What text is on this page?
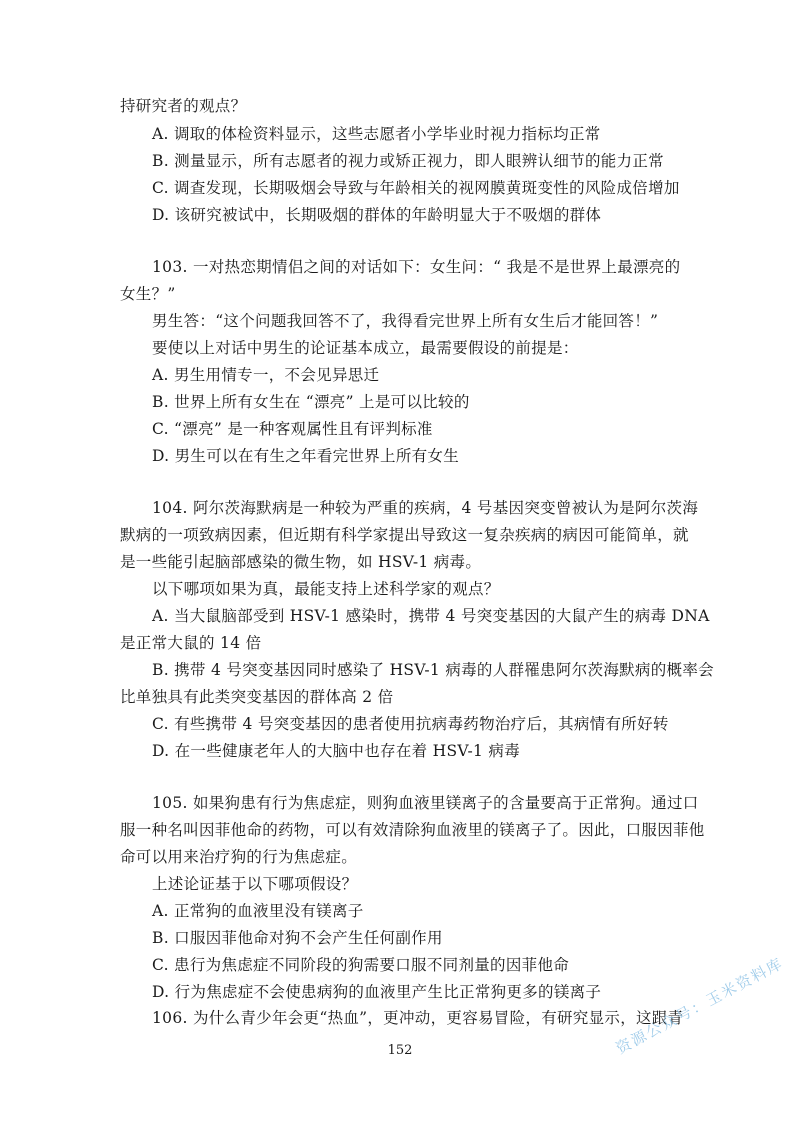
持研究者的观点？
A. 调取的体检资料显示，这些志愿者小学毕业时视力指标均正常
B. 测量显示，所有志愿者的视力或矫正视力，即人眼辨认细节的能力正常
C. 调查发现，长期吸烟会导致与年龄相关的视网膜黄斑变性的风险成倍增加
D. 该研究被试中，长期吸烟的群体的年龄明显大于不吸烟的群体
103. 一对热恋期情侣之间的对话如下：女生问：“ 我是不是世界上最漂亮的
女生？”
男生答：“这个问题我回答不了，我得看完世界上所有女生后才能回答！”
要使以上对话中男生的论证基本成立，最需要假设的前提是：
A. 男生用情专一，不会见异思迁
B. 世界上所有女生在 “漂亮” 上是可以比较的
C. “漂亮” 是一种客观属性且有评判标准
D. 男生可以在有生之年看完世界上所有女生
104. 阿尔茨海默病是一种较为严重的疾病，4 号基因突变曾被认为是阿尔茨海
默病的一项致病因素，但近期有科学家提出导致这一复杂疾病的病因可能简单，就
是一些能引起脑部感染的微生物，如 HSV-1 病毒。
以下哪项如果为真，最能支持上述科学家的观点？
A. 当大鼠脑部受到 HSV-1 感染时，携带 4 号突变基因的大鼠产生的病毒 DNA
是正常大鼠的 14 倍
B. 携带 4 号突变基因同时感染了 HSV-1 病毒的人群罹患阿尔茨海默病的概率会
比单独具有此类突变基因的群体高 2 倍
C. 有些携带 4 号突变基因的患者使用抗病毒药物治疗后，其病情有所好转
D. 在一些健康老年人的大脑中也存在着 HSV-1 病毒
105. 如果狗患有行为焦虑症，则狗血液里镁离子的含量要高于正常狗。通过口
服一种名叫因菲他命的药物，可以有效清除狗血液里的镁离子了。因此，口服因菲他
命可以用来治疗狗的行为焦虑症。
上述论证基于以下哪项假设？
A. 正常狗的血液里没有镁离子
B. 口服因菲他命对狗不会产生任何副作用
C. 患行为焦虑症不同阶段的狗需要口服不同剂量的因菲他命
D. 行为焦虑症不会使患病狗的血液里产生比正常狗更多的镁离子
106. 为什么青少年会更“热血”，更冲动，更容易冒险，有研究显示，这跟青
152	资源公众号：玉米资料库
